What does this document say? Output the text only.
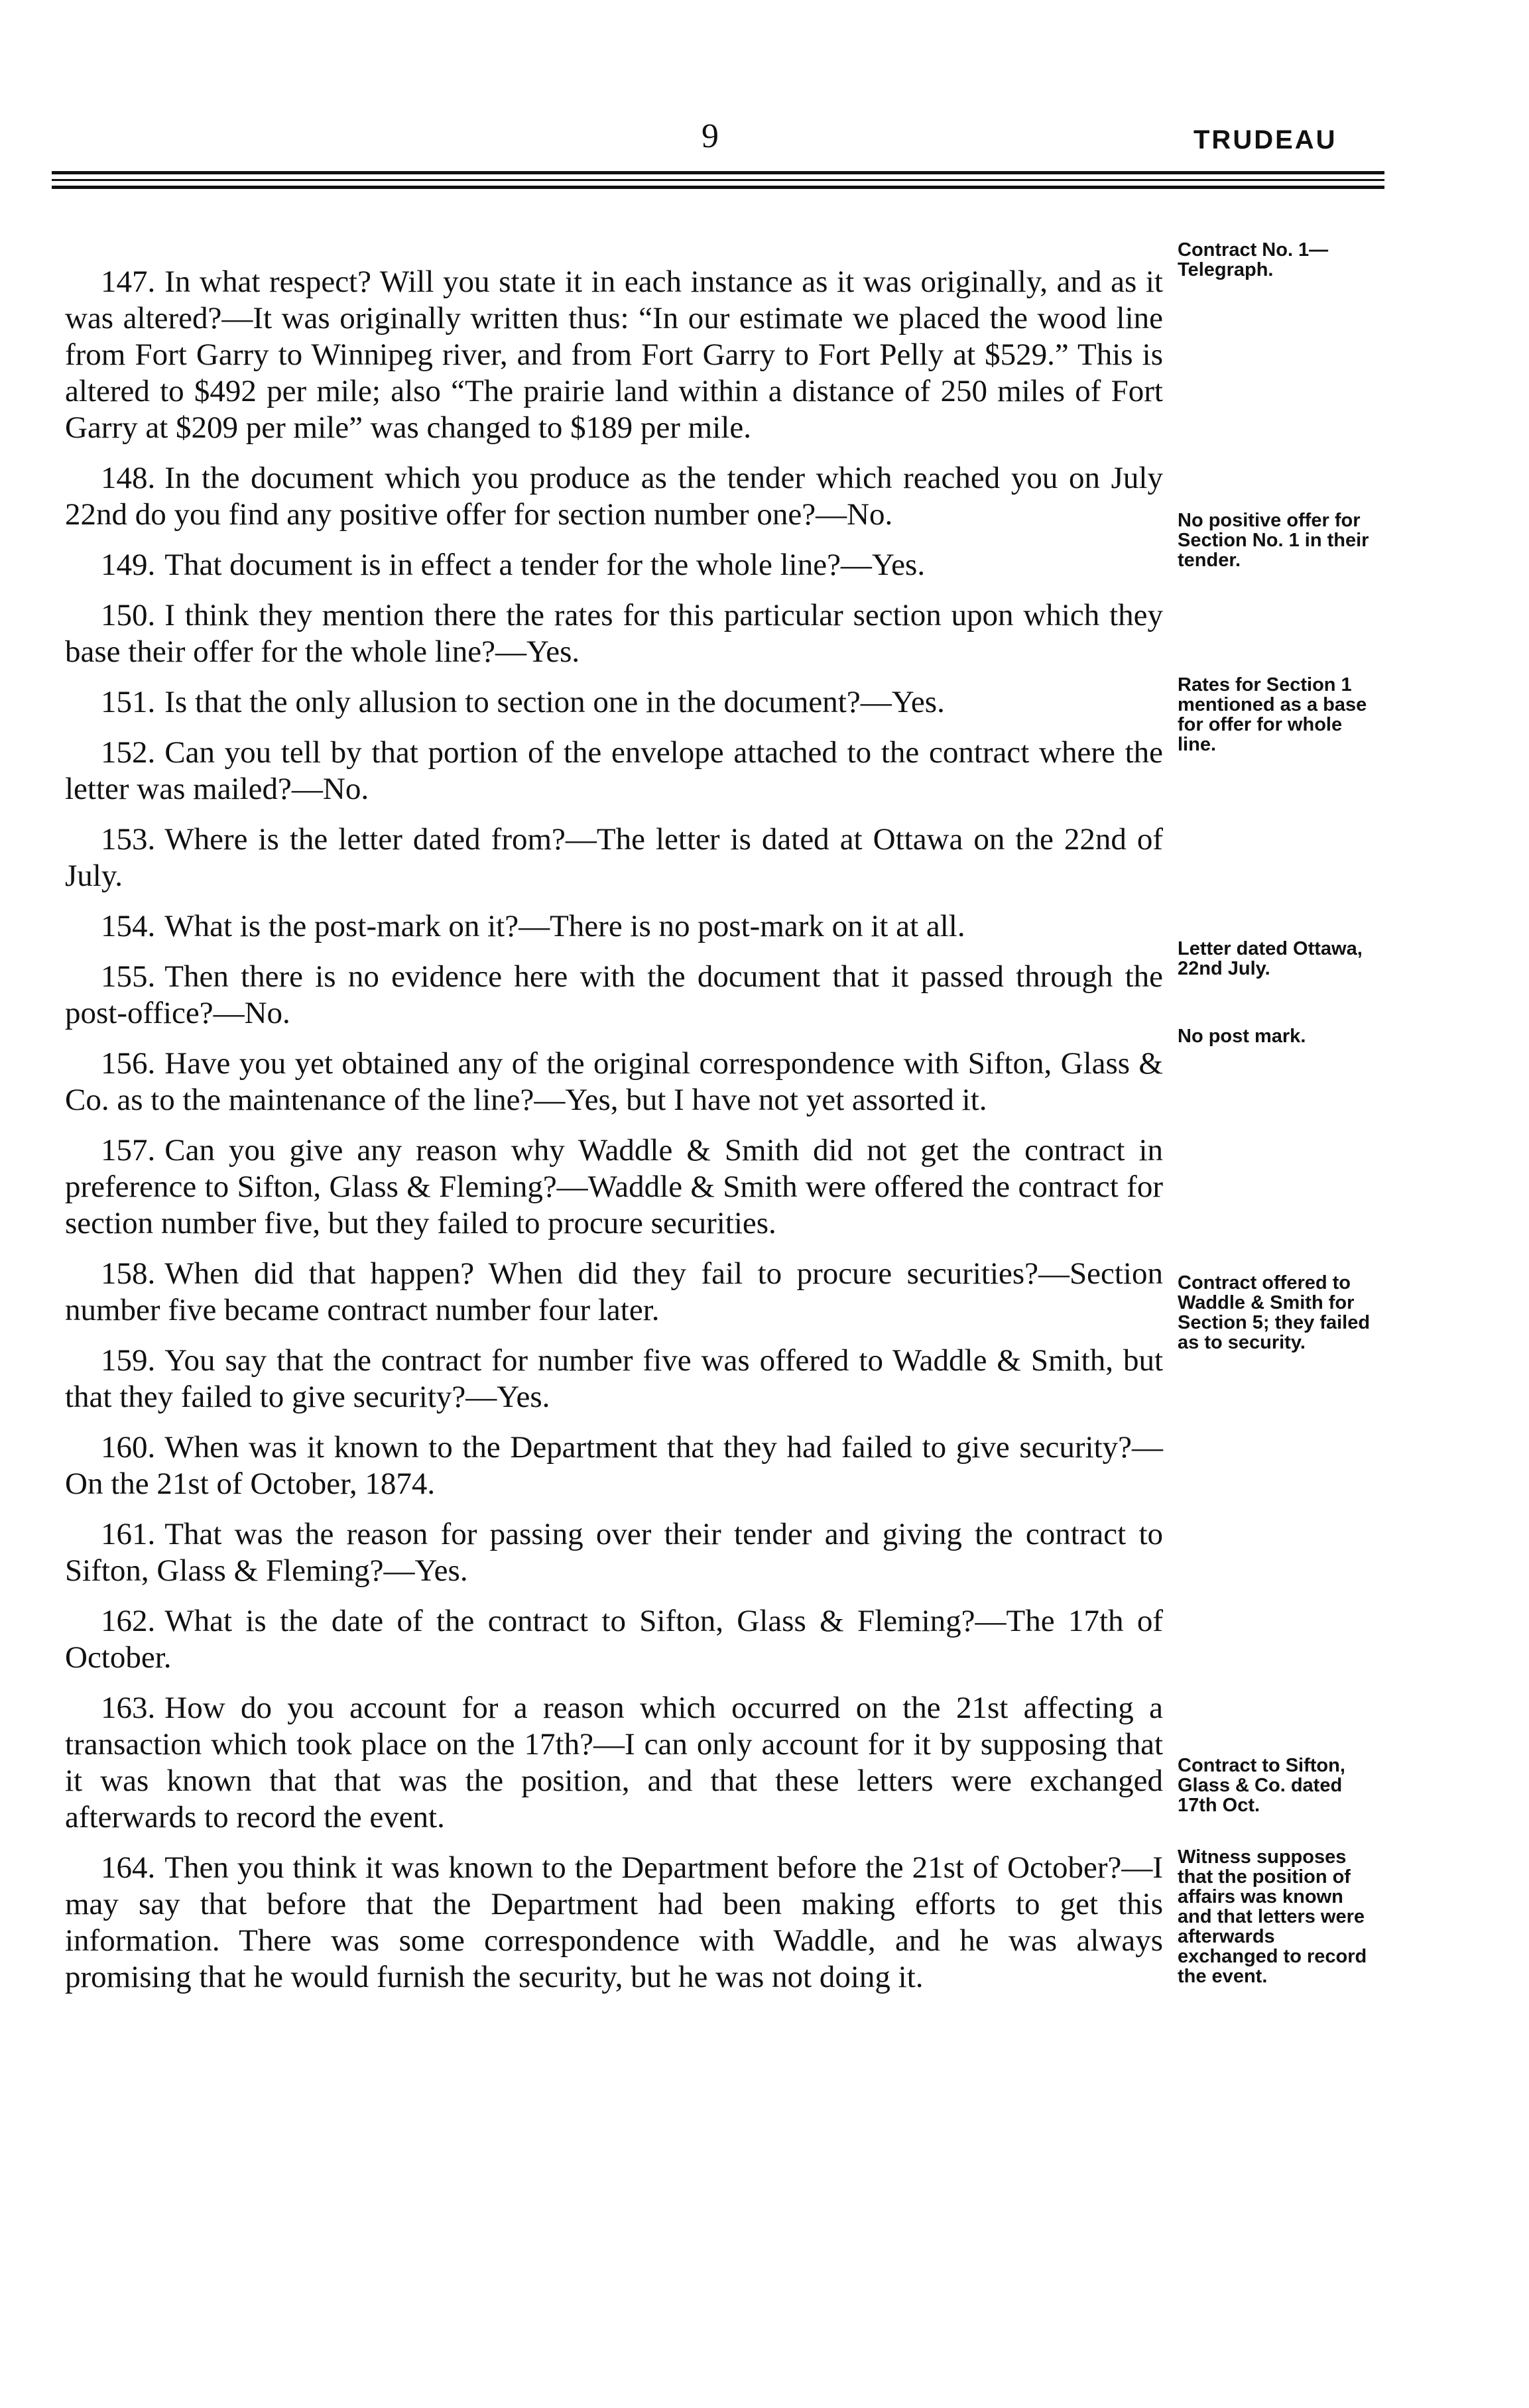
9	TRUDEAU

147. In what respect? Will you state it in each instance as it was originally, and as it was altered?—It was originally written thus: “In our estimate we placed the wood line from Fort Garry to Winnipeg river, and from Fort Garry to Fort Pelly at $529.” This is altered to $492 per mile; also “The prairie land within a distance of 250 miles of Fort Garry at $209 per mile” was changed to $189 per mile.

148. In the document which you produce as the tender which reached you on July 22nd do you find any positive offer for section number one?—No.

149. That document is in effect a tender for the whole line?—Yes.

150. I think they mention there the rates for this particular section upon which they base their offer for the whole line?—Yes.

151. Is that the only allusion to section one in the document?—Yes.

152. Can you tell by that portion of the envelope attached to the contract where the letter was mailed?—No.

153. Where is the letter dated from?—The letter is dated at Ottawa on the 22nd of July.

154. What is the post-mark on it?—There is no post-mark on it at all.

155. Then there is no evidence here with the document that it passed through the post-office?—No.

156. Have you yet obtained any of the original correspondence with Sifton, Glass & Co. as to the maintenance of the line?—Yes, but I have not yet assorted it.

157. Can you give any reason why Waddle & Smith did not get the contract in preference to Sifton, Glass & Fleming?—Waddle & Smith were offered the contract for section number five, but they failed to procure securities.

158. When did that happen? When did they fail to procure securities?—Section number five became contract number four later.

159. You say that the contract for number five was offered to Waddle & Smith, but that they failed to give security?—Yes.

160. When was it known to the Department that they had failed to give security?—On the 21st of October, 1874.

161. That was the reason for passing over their tender and giving the contract to Sifton, Glass & Fleming?—Yes.

162. What is the date of the contract to Sifton, Glass & Fleming?—The 17th of October.

163. How do you account for a reason which occurred on the 21st affecting a transaction which took place on the 17th?—I can only account for it by supposing that it was known that that was the position, and that these letters were exchanged afterwards to record the event.

164. Then you think it was known to the Department before the 21st of October?—I may say that before that the Department had been making efforts to get this information. There was some correspondence with Waddle, and he was always promising that he would furnish the security, but he was not doing it.

Contract No. 1—Telegraph.
No positive offer for Section No. 1 in their tender.
Rates for Section 1 mentioned as a base for offer for whole line.
Letter dated Ottawa, 22nd July.
No post mark.
Contract offered to Waddle & Smith for Section 5; they failed as to security.
Contract to Sifton, Glass & Co. dated 17th Oct.
Witness supposes that the position of affairs was known and that letters were afterwards exchanged to record the event.
